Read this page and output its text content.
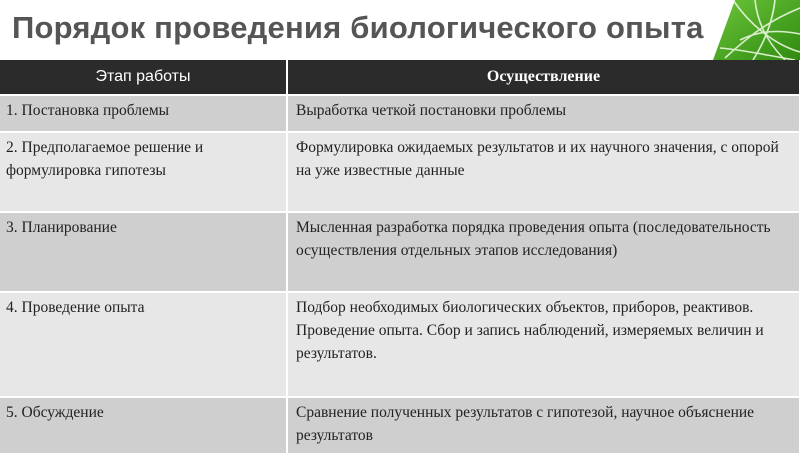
Порядок проведения биологического опыта
Этап работы	Осуществление
1. Постановка проблемы	Выработка четкой постановки проблемы
2. Предполагаемое решение и формулировка гипотезы	Формулировка ожидаемых результатов и их научного значения, с опорой на уже известные данные
3. Планирование	Мысленная разработка порядка проведения опыта (последовательность осуществления отдельных этапов исследования)
4. Проведение опыта	Подбор необходимых биологических объектов, приборов, реактивов. Проведение опыта. Сбор и запись наблюдений, измеряемых величин и результатов.
5. Обсуждение	Сравнение полученных результатов с гипотезой, научное объяснение результатов
